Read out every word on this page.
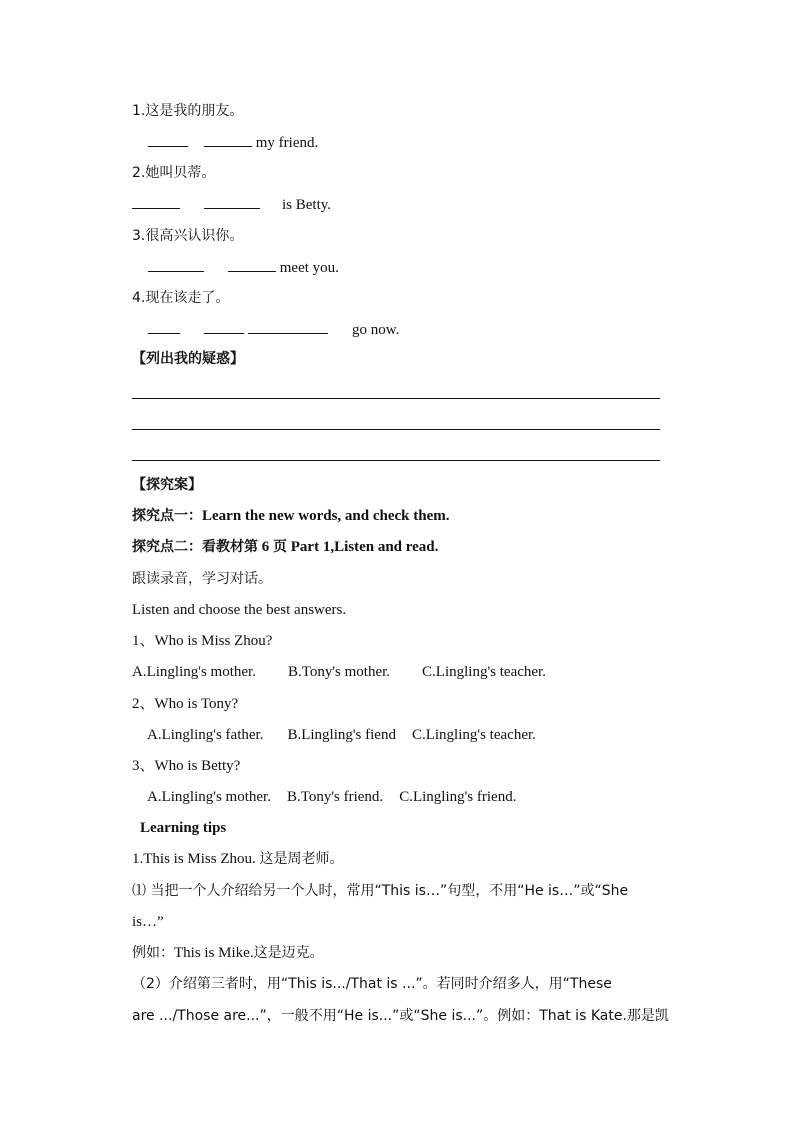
1.这是我的朋友。
my friend.
2.她叫贝蒂。
is Betty.
3.很高兴认识你。
meet you.
4.现在该走了。
go now.
【列出我的疑惑】
【探究案】
探究点一：Learn the new words, and check them.
探究点二：看教材第 6 页 Part 1,Listen and read.
跟读录音，学习对话。
Listen and choose the best answers.
1、Who is Miss Zhou?
A.Lingling's mother. B.Tony's mother. C.Lingling's teacher.
2、Who is Tony?
A.Lingling's father. B.Lingling's fiend C.Lingling's teacher.
3、Who is Betty?
A.Lingling's mother. B.Tony's friend. C.Lingling's friend.
Learning tips
1.This is Miss Zhou. 这是周老师。
⑴ 当把一个人介绍给另一个人时，常用“This is…”句型，不用“He is…”或“She
is…”
例如：This is Mike.这是迈克。
（2）介绍第三者时，用“This is.../That is ...”。若同时介绍多人，用“These
are .../Those are...”，一般不用“He is...”或“She is...”。例如：That is Kate.那是凯
